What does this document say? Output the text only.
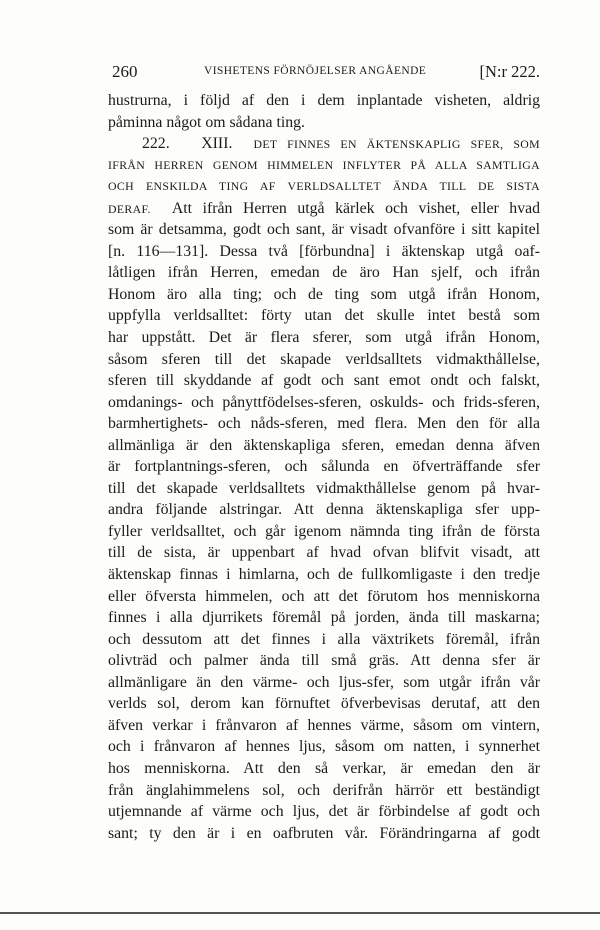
260	VISHETENS FÖRNÖJELSER ANGÅENDE	[N:r 222.
hustrurna, i följd af den i dem inplantade visheten, aldrig
påminna något om sådana ting.
222. XIII. DET FINNES EN ÄKTENSKAPLIG SFER, SOM
IFRÅN HERREN GENOM HIMMELEN INFLYTER PÅ ALLA SAMTLIGA
OCH ENSKILDA TING AF VERLDSALLTET ÄNDA TILL DE SISTA
DERAF. Att ifrån Herren utgå kärlek och vishet, eller hvad
som är detsamma, godt och sant, är visadt ofvanföre i sitt kapitel
[n. 116—131]. Dessa två [förbundna] i äktenskap utgå oaf-
låtligen ifrån Herren, emedan de äro Han sjelf, och ifrån
Honom äro alla ting; och de ting som utgå ifrån Honom,
uppfylla verldsalltet: förty utan det skulle intet bestå som
har uppstått. Det är flera sferer, som utgå ifrån Honom,
såsom sferen till det skapade verldsalltets vidmakthållelse,
sferen till skyddande af godt och sant emot ondt och falskt,
omdanings- och pånyttfödelses-sferen, oskulds- och frids-sferen,
barmhertighets- och nåds-sferen, med flera. Men den för alla
allmänliga är den äktenskapliga sferen, emedan denna äfven
är fortplantnings-sferen, och sålunda en öfverträffande sfer
till det skapade verldsalltets vidmakthållelse genom på hvar-
andra följande alstringar. Att denna äktenskapliga sfer upp-
fyller verldsalltet, och går igenom nämnda ting ifrån de första
till de sista, är uppenbart af hvad ofvan blifvit visadt, att
äktenskap finnas i himlarna, och de fullkomligaste i den tredje
eller öfversta himmelen, och att det förutom hos menniskorna
finnes i alla djurrikets föremål på jorden, ända till maskarna;
och dessutom att det finnes i alla växtrikets föremål, ifrån
olivträd och palmer ända till små gräs. Att denna sfer är
allmänligare än den värme- och ljus-sfer, som utgår ifrån vår
verlds sol, derom kan förnuftet öfverbevisas derutaf, att den
äfven verkar i frånvaron af hennes värme, såsom om vintern,
och i frånvaron af hennes ljus, såsom om natten, i synnerhet
hos menniskorna. Att den så verkar, är emedan den är
från änglahimmelens sol, och derifrån härrör ett beständigt
utjemnande af värme och ljus, det är förbindelse af godt och
sant; ty den är i en oafbruten vår. Förändringarna af godt
